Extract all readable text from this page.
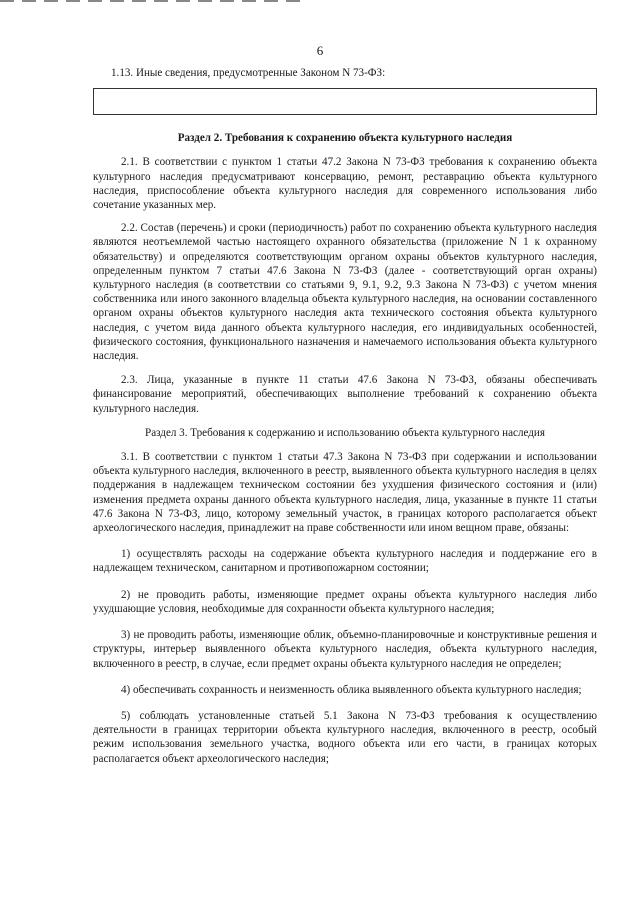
6

1.13. Иные сведения, предусмотренные Законом N 73-ФЗ:

Раздел 2. Требования к сохранению объекта культурного наследия

2.1. В соответствии с пунктом 1 статьи 47.2 Закона N 73-ФЗ требования к сохранению объекта культурного наследия предусматривают консервацию, ремонт, реставрацию объекта культурного наследия, приспособление объекта культурного наследия для современного использования либо сочетание указанных мер.

2.2. Состав (перечень) и сроки (периодичность) работ по сохранению объекта культурного наследия являются неотъемлемой частью настоящего охранного обязательства (приложение N 1 к охранному обязательству) и определяются соответствующим органом охраны объектов культурного наследия, определенным пунктом 7 статьи 47.6 Закона N 73-ФЗ (далее - соответствующий орган охраны) культурного наследия (в соответствии со статьями 9, 9.1, 9.2, 9.3 Закона N 73-ФЗ) с учетом мнения собственника или иного законного владельца объекта культурного наследия, на основании составленного органом охраны объектов культурного наследия акта технического состояния объекта культурного наследия, с учетом вида данного объекта культурного наследия, его индивидуальных особенностей, физического состояния, функционального назначения и намечаемого использования объекта культурного наследия.

2.3. Лица, указанные в пункте 11 статьи 47.6 Закона N 73-ФЗ, обязаны обеспечивать финансирование мероприятий, обеспечивающих выполнение требований к сохранению объекта культурного наследия.

Раздел 3. Требования к содержанию и использованию объекта культурного наследия

3.1. В соответствии с пунктом 1 статьи 47.3 Закона N 73-ФЗ при содержании и использовании объекта культурного наследия, включенного в реестр, выявленного объекта культурного наследия в целях поддержания в надлежащем техническом состоянии без ухудшения физического состояния и (или) изменения предмета охраны данного объекта культурного наследия, лица, указанные в пункте 11 статьи 47.6 Закона N 73-ФЗ, лицо, которому земельный участок, в границах которого располагается объект археологического наследия, принадлежит на праве собственности или ином вещном праве, обязаны:

1) осуществлять расходы на содержание объекта культурного наследия и поддержание его в надлежащем техническом, санитарном и противопожарном состоянии;

2) не проводить работы, изменяющие предмет охраны объекта культурного наследия либо ухудшающие условия, необходимые для сохранности объекта культурного наследия;

3) не проводить работы, изменяющие облик, объемно-планировочные и конструктивные решения и структуры, интерьер выявленного объекта культурного наследия, объекта культурного наследия, включенного в реестр, в случае, если предмет охраны объекта культурного наследия не определен;

4) обеспечивать сохранность и неизменность облика выявленного объекта культурного наследия;

5) соблюдать установленные статьей 5.1 Закона N 73-ФЗ требования к осуществлению деятельности в границах территории объекта культурного наследия, включенного в реестр, особый режим использования земельного участка, водного объекта или его части, в границах которых располагается объект археологического наследия;
